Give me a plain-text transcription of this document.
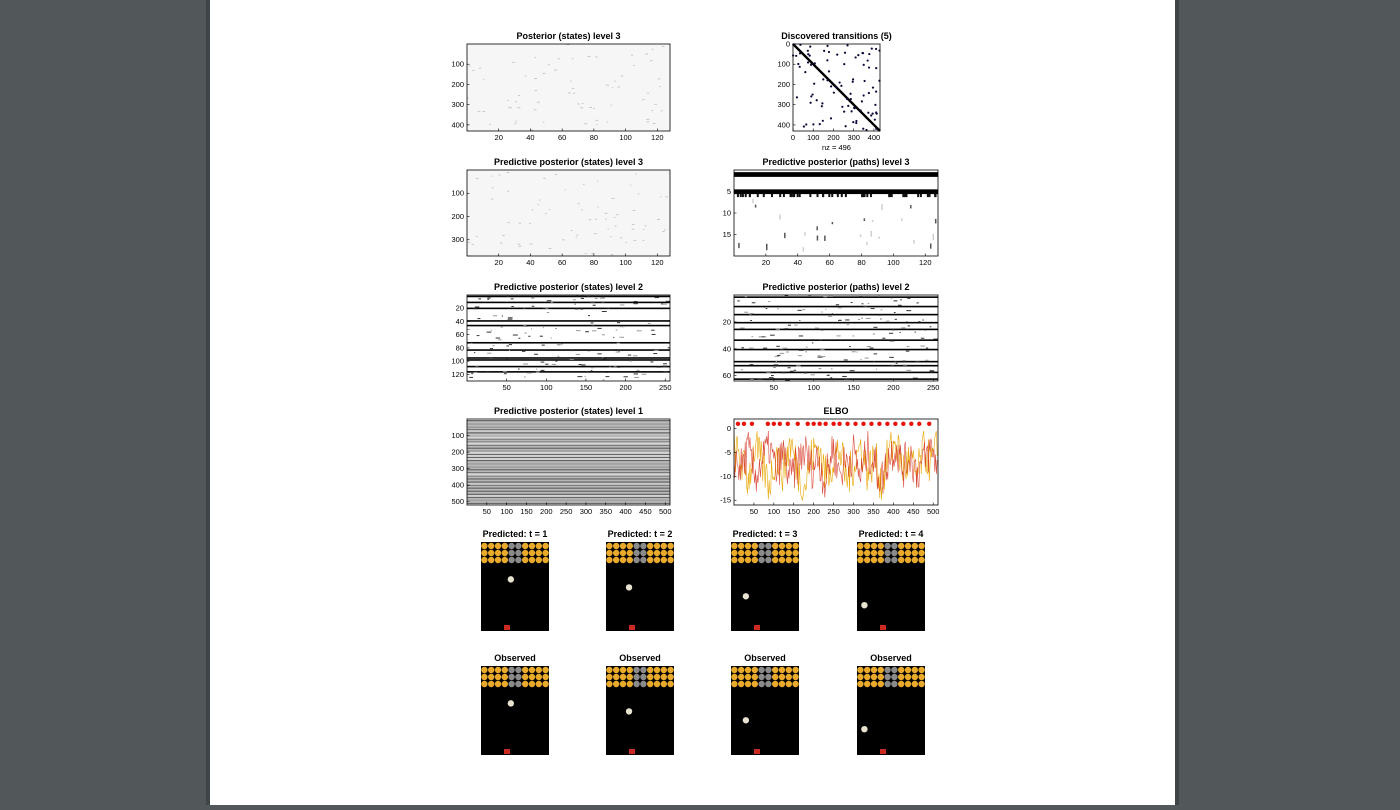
Posterior (states) level 3
20	40	60	80	100	120
100
200
300
400
Discovered transitions (5)
0 100 200 300 400
0
100
200
300
400
nz = 496
Predictive posterior (states) level 3
20	40	60	80	100	120
100
200
300
Predictive posterior (paths) level 3
20	40	60	80	100	120
5
10
15
Predictive posterior (states) level 2
50	100	150	200	250
20
40
60
80
100
120
Predictive posterior (paths) level 2
50	100	150	200	250
20
40
60
Predictive posterior (states) level 1
50 100 150 200 250 300 350 400 450 500
100
200
300
400
500
ELBO
50 100 150 200 250 300 350 400 450 500
0
-5
-10
-15
Predicted: t = 1	Predicted: t = 2	Predicted: t = 3	Predicted: t = 4
Observed	Observed	Observed	Observed
